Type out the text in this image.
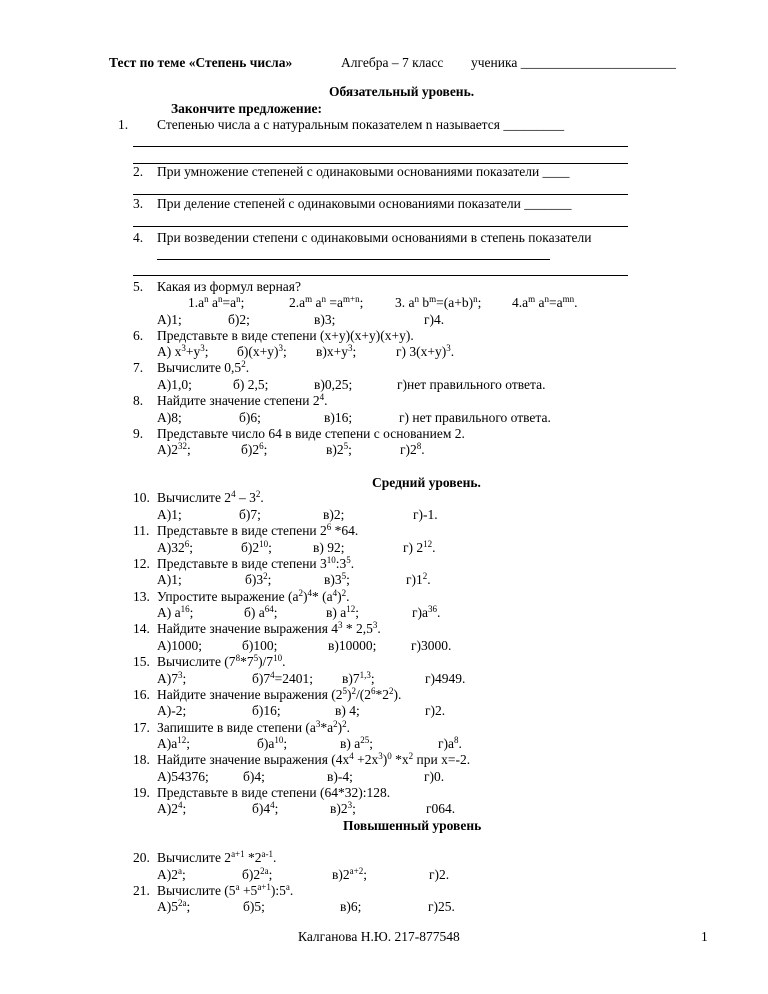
Тест по теме «Степень числа»	Алгебра – 7 класс ученика _______________________
Обязательный уровень.
Закончите предложение:
1. Степенью числа а с натуральным показателем n называется _________
2. При умножение степеней с одинаковыми основаниями показатели ____
3. При деление степеней с одинаковыми основаниями показатели _______
4. При возведении степени с одинаковыми основаниями в степень показатели
5. Какая из формул верная?
$1.a^n$ $a^n=a^n$;	$2.a^m$ $a^n =a^{m+n}$; 3. $a^n$ $b^m=(a+b)^n$; $4.a^m$ $a^n=a^{mn}$.
А)1;	б)2;	в)3;	г)4.
6. Представьте в виде степени (х+у)(х+у)(х+у).
А) $х^3+у^3$; $б)(х+у)^3$; $в)х+у^3$;	г) $3(х+у)^3$.
7. Вычислите $0,5^2$.
А)1,0;	б) 2,5;	в)0,25;	г)нет правильного ответа.
8. Найдите значение степени $2^4$.
А)8;	б)6;	в)16;	г) нет правильного ответа.
9. Представьте число 64 в виде степени с основанием 2.
$А)2^{32}$;	$б)2^6$;	$в)2^5$;	$г)2^8$.
Средний уровень.
10. Вычислите $2^4 - 3^2$.
А)1;	б)7;	в)2;	г)-1.
11. Представьте в виде степени $2^6$ *64.
$А)32^6$;	$б)2^{10}$;	в) 92;	г) $2^{12}$.
12. Представьте в виде степени $3^{10}:3^5$.
А)1;	$б)3^2$;	$в)3^5$;	$г)1^2$.
13. Упростите выражение $(а^2)^4*$ $(а^4)^2$.
А) $а^{16}$;	б) $а^{64}$;	в) $а^{12}$;	$г)а^{36}$.
14. Найдите значение выражения $4^3 * 2,5^3$.
А)1000;	б)100;	в)10000;	г)3000.
15. Вычислите $(7^8*7^5)/7^{10}$.
$А)7^3$;	$б)7^4=2401$; в)7$^{1,3}$;	г)4949.
16. Найдите значение выражения $(2^5)^2/(2^6*2^2)$.
А)-2;	б)16;	в) 4;	г)2.
17. Запишите в виде степени $(а^3*а^2)^2$.
$А)а^{12}$;	$б)а^{10}$;	в) $а^{25}$;	$г)а^8$.
18. Найдите значение выражения $(4х^4 +2х^3)^0$ $*х^2$ при х=-2.
А)54376;	б)4;	в)-4;	г)0.
19. Представьте в виде степени (64*32):128.
$А)2^4$;	$б)4^4$;	$в)2^3$;	г064.
Повышенный уровень
20. Вычислите $2^{а+1}$ $*2^{а-1}$.
$А)2^а$;	$б)2^{2а}$;	$в)2^{а+2}$;	г)2.
21. Вычислите ($5^а$ $+5^{а+1}):5^а$.
$А)5^{2а}$;	б)5;	в)6;	г)25.
Калганова Н.Ю. 217-877548	1
